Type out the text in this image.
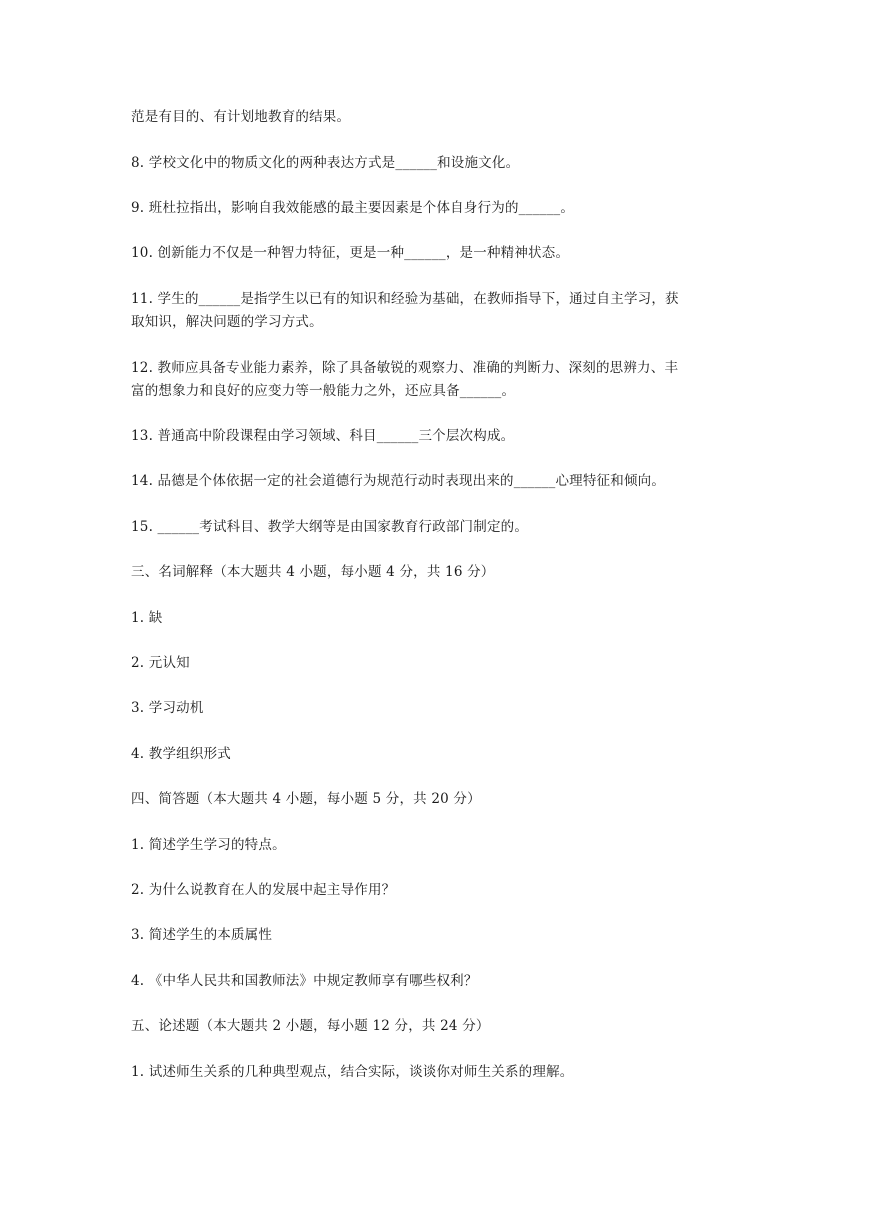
范是有目的、有计划地教育的结果。
8. 学校文化中的物质文化的两种表达方式是______和设施文化。
9. 班杜拉指出，影响自我效能感的最主要因素是个体自身行为的______。
10. 创新能力不仅是一种智力特征，更是一种______，是一种精神状态。
11. 学生的______是指学生以已有的知识和经验为基础，在教师指导下，通过自主学习，获
取知识，解决问题的学习方式。
12. 教师应具备专业能力素养，除了具备敏锐的观察力、准确的判断力、深刻的思辨力、丰
富的想象力和良好的应变力等一般能力之外，还应具备______。
13. 普通高中阶段课程由学习领域、科目______三个层次构成。
14. 品德是个体依据一定的社会道德行为规范行动时表现出来的______心理特征和倾向。
15. ______考试科目、教学大纲等是由国家教育行政部门制定的。
三、名词解释（本大题共 4 小题，每小题 4 分，共 16 分）
1. 缺
2. 元认知
3. 学习动机
4. 教学组织形式
四、简答题（本大题共 4 小题，每小题 5 分，共 20 分）
1. 简述学生学习的特点。
2. 为什么说教育在人的发展中起主导作用？
3. 简述学生的本质属性
4. 《中华人民共和国教师法》中规定教师享有哪些权利？
五、论述题（本大题共 2 小题，每小题 12 分，共 24 分）
1. 试述师生关系的几种典型观点，结合实际，谈谈你对师生关系的理解。
